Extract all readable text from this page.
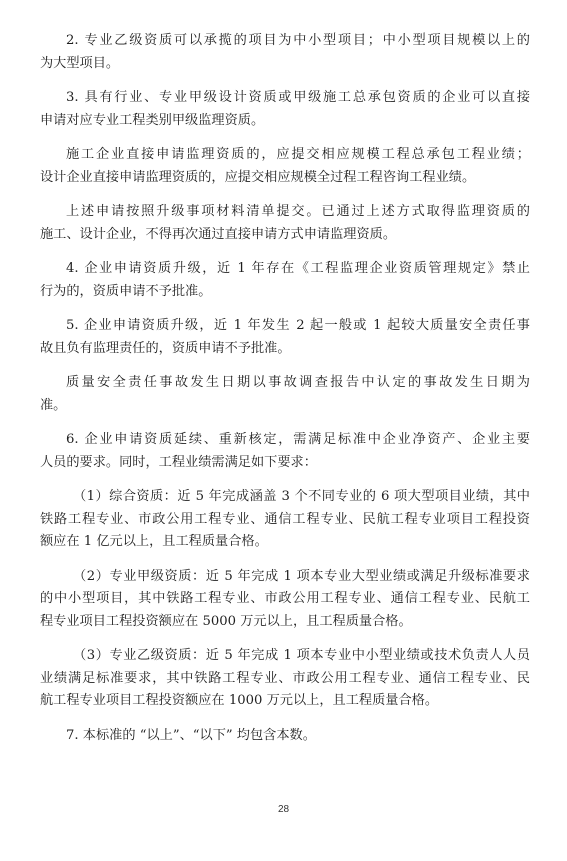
2. 专业乙级资质可以承揽的项目为中小型项目；中小型项目规模以上的
为大型项目。
3. 具有行业、专业甲级设计资质或甲级施工总承包资质的企业可以直接
申请对应专业工程类别甲级监理资质。
施工企业直接申请监理资质的，应提交相应规模工程总承包工程业绩；
设计企业直接申请监理资质的，应提交相应规模全过程工程咨询工程业绩。
上述申请按照升级事项材料清单提交。已通过上述方式取得监理资质的
施工、设计企业，不得再次通过直接申请方式申请监理资质。
4. 企业申请资质升级，近 1 年存在《工程监理企业资质管理规定》禁止
行为的，资质申请不予批准。
5. 企业申请资质升级，近 1 年发生 2 起一般或 1 起较大质量安全责任事
故且负有监理责任的，资质申请不予批准。
质量安全责任事故发生日期以事故调查报告中认定的事故发生日期为
准。
6. 企业申请资质延续、重新核定，需满足标准中企业净资产、企业主要
人员的要求。同时，工程业绩需满足如下要求：
（1）综合资质：近 5 年完成涵盖 3 个不同专业的 6 项大型项目业绩，其中
铁路工程专业、市政公用工程专业、通信工程专业、民航工程专业项目工程投资
额应在 1 亿元以上，且工程质量合格。
（2）专业甲级资质：近 5 年完成 1 项本专业大型业绩或满足升级标准要求
的中小型项目，其中铁路工程专业、市政公用工程专业、通信工程专业、民航工
程专业项目工程投资额应在 5000 万元以上，且工程质量合格。
（3）专业乙级资质：近 5 年完成 1 项本专业中小型业绩或技术负责人人员
业绩满足标准要求，其中铁路工程专业、市政公用工程专业、通信工程专业、民
航工程专业项目工程投资额应在 1000 万元以上，且工程质量合格。
7. 本标准的 “以上”、“以下” 均包含本数。
28
